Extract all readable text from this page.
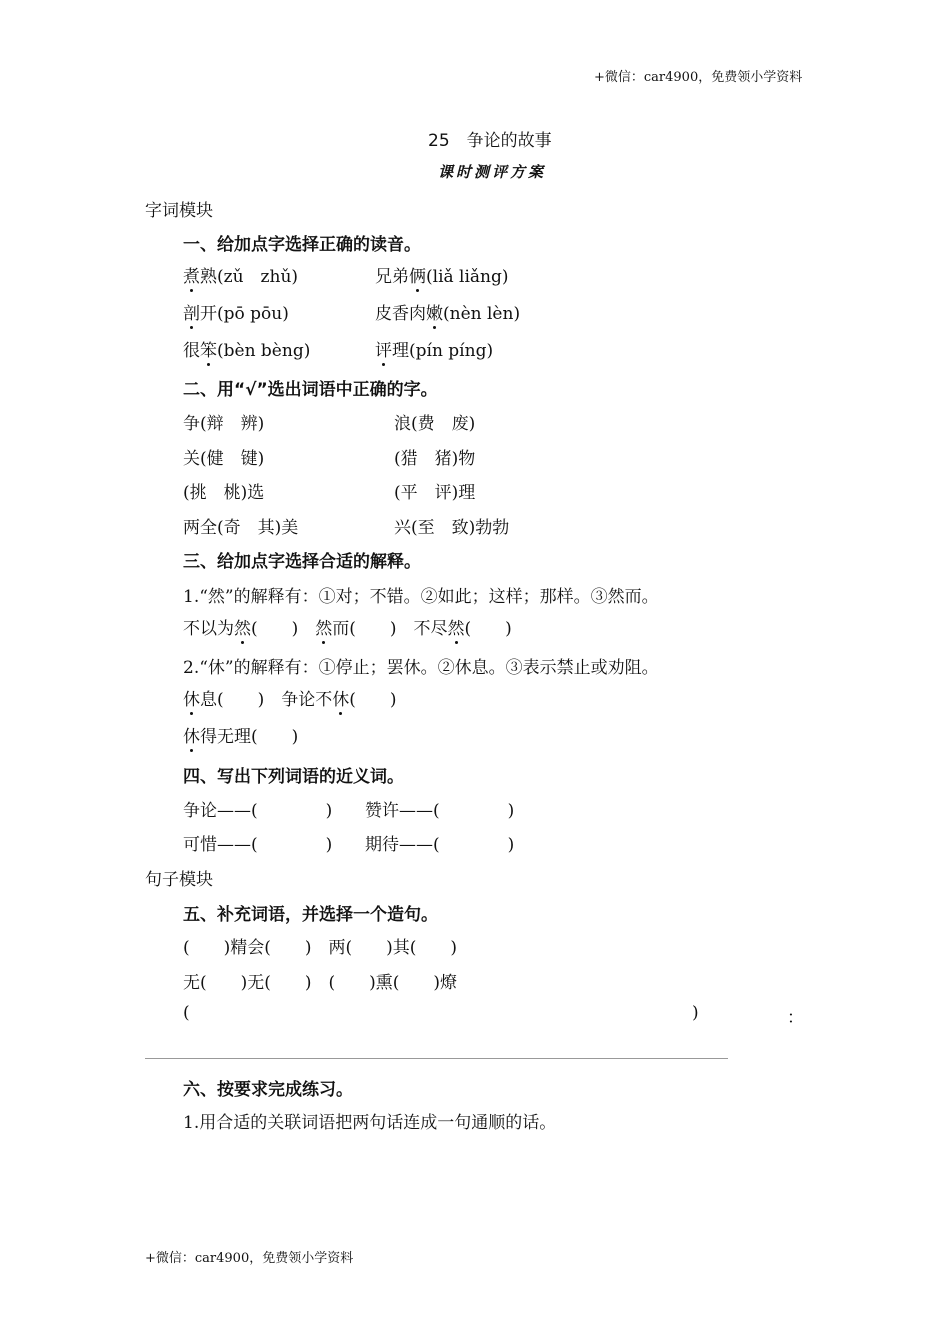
+微信：car4900，免费领小学资料
25　争论的故事
课时测评方案
字词模块
一、给加点字选择正确的读音。
煮熟(zǔ　zhǔ)	兄弟俩(liǎ liǎng)
剖开(pō pōu)	皮香肉嫩(nèn lèn)
很笨(bèn bèng)	评理(pín píng)
二、用“√”选出词语中正确的字。
争(辩　辨)	浪(费　废)
关(健　键)	(猎　猪)物
(挑　桃)选	(平　评)理
两全(奇　其)美	兴(至　致)勃勃
三、给加点字选择合适的解释。
1.“然”的解释有：①对；不错。②如此；这样；那样。③然而。
不以为然(　　)　 然而(　　)　 不尽然(　　)
2.“休”的解释有：①停止；罢休。②休息。③表示禁止或劝阻。
休息(　　)　 争论不休(　　)
休得无理(　　)
四、写出下列词语的近义词。
争论——(　　　　) 赞许——(　　　　)
可惜——(　　　　) 期待——(　　　　)
句子模块
五、补充词语，并选择一个造句。
(　　)精会(　　)　两(　　)其(　　)
无(　　)无(　　)　(　　)熏(　　)燎
(	)	：
六、按要求完成练习。
1.用合适的关联词语把两句话连成一句通顺的话。
+微信：car4900，免费领小学资料
